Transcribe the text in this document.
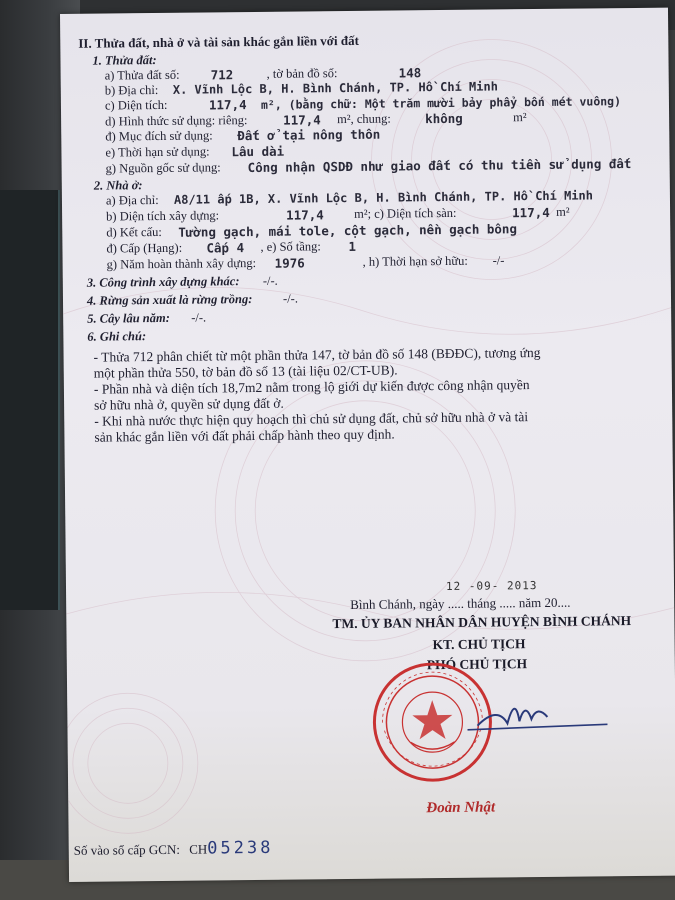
II. Thửa đất, nhà ở và tài sản khác gắn liền với đất
1. Thửa đất:
a) Thửa đất số: 712	, tờ bản đồ số:	148
b) Địa chỉ: X. Vĩnh Lộc B, H. Bình Chánh, TP. Hồ Chí Minh
c) Diện tích:	117,4 m², (bằng chữ: Một trăm mười bảy phẩy bốn mét vuông)
d) Hình thức sử dụng: riêng:	117,4 m², chung:	không	m²
đ) Mục đích sử dụng: Đất ở tại nông thôn
e) Thời hạn sử dụng: Lâu dài
g) Nguồn gốc sử dụng: Công nhận QSDĐ như giao đất có thu tiền sử dụng đất
2. Nhà ở:
a) Địa chỉ: A8/11 ấp 1B, X. Vĩnh Lộc B, H. Bình Chánh, TP. Hồ Chí Minh
b) Diện tích xây dựng:	117,4 m²; c) Diện tích sàn:	117,4 m²
d) Kết cấu: Tường gạch, mái tole, cột gạch, nền gạch bông
đ) Cấp (Hạng): Cấp 4 , e) Số tầng: 1
g) Năm hoàn thành xây dựng: 1976	, h) Thời hạn sở hữu: -/-
3. Công trình xây dựng khác: -/-.
4. Rừng sản xuất là rừng trồng: -/-.
5. Cây lâu năm: -/-.
6. Ghi chú:

- Thửa 712 phân chiết từ một phần thửa 147, tờ bản đồ số 148 (BĐĐC), tương ứng một phần thửa 550, tờ bản đồ số 13 (tài liệu 02/CT-UB).

- Phần nhà và diện tích 18,7m2 nằm trong lộ giới dự kiến được công nhận quyền sở hữu nhà ở, quyền sử dụng đất ở.

- Khi nhà nước thực hiện quy hoạch thì chủ sử dụng đất, chủ sở hữu nhà ở và tài sản khác gắn liền với đất phải chấp hành theo quy định.

12 -09- 2013
Bình Chánh, ngày ..... tháng ..... năm 20....
TM. ỦY BAN NHÂN DÂN HUYỆN BÌNH CHÁNH
KT. CHỦ TỊCH
PHÓ CHỦ TỊCH
Đoàn Nhật
Số vào sổ cấp GCN: CH05238
